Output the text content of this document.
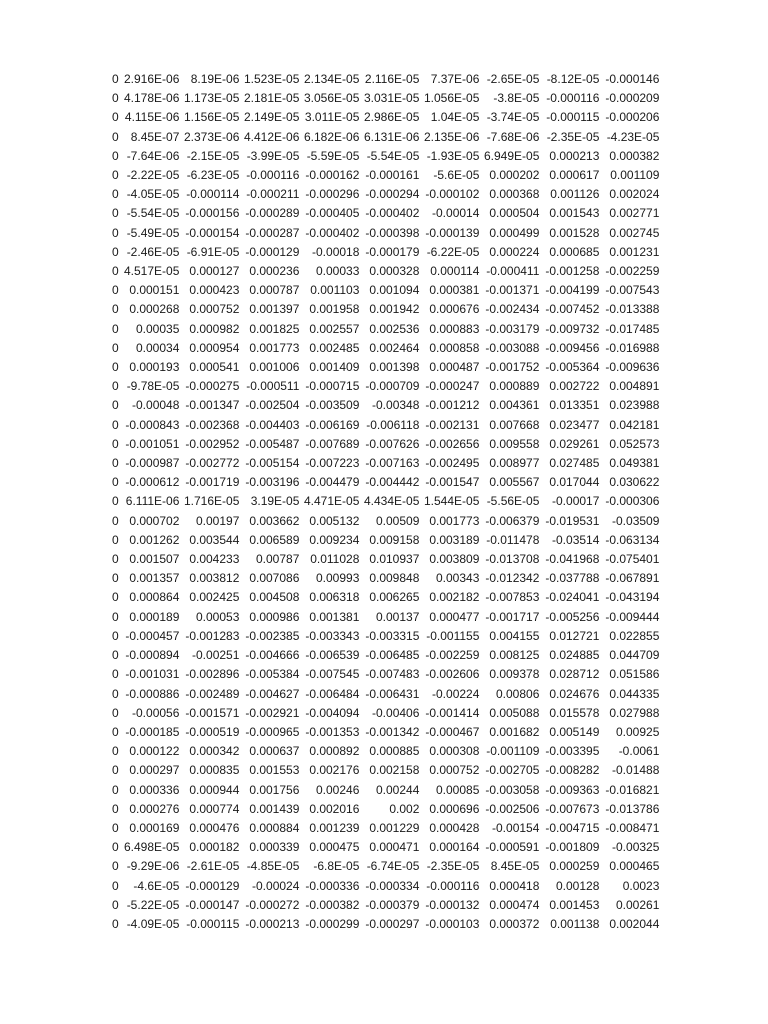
0	2.916E-06	8.19E-06	1.523E-05	2.134E-05	2.116E-05	7.37E-06	-2.65E-05	-8.12E-05	-0.000146
0	4.178E-06	1.173E-05	2.181E-05	3.056E-05	3.031E-05	1.056E-05	-3.8E-05	-0.000116	-0.000209
0	4.115E-06	1.156E-05	2.149E-05	3.011E-05	2.986E-05	1.04E-05	-3.74E-05	-0.000115	-0.000206
0	8.45E-07	2.373E-06	4.412E-06	6.182E-06	6.131E-06	2.135E-06	-7.68E-06	-2.35E-05	-4.23E-05
0	-7.64E-06	-2.15E-05	-3.99E-05	-5.59E-05	-5.54E-05	-1.93E-05	6.949E-05	0.000213	0.000382
0	-2.22E-05	-6.23E-05	-0.000116	-0.000162	-0.000161	-5.6E-05	0.000202	0.000617	0.001109
0	-4.05E-05	-0.000114	-0.000211	-0.000296	-0.000294	-0.000102	0.000368	0.001126	0.002024
0	-5.54E-05	-0.000156	-0.000289	-0.000405	-0.000402	-0.00014	0.000504	0.001543	0.002771
0	-5.49E-05	-0.000154	-0.000287	-0.000402	-0.000398	-0.000139	0.000499	0.001528	0.002745
0	-2.46E-05	-6.91E-05	-0.000129	-0.00018	-0.000179	-6.22E-05	0.000224	0.000685	0.001231
0	4.517E-05	0.000127	0.000236	0.00033	0.000328	0.000114	-0.000411	-0.001258	-0.002259
0	0.000151	0.000423	0.000787	0.001103	0.001094	0.000381	-0.001371	-0.004199	-0.007543
0	0.000268	0.000752	0.001397	0.001958	0.001942	0.000676	-0.002434	-0.007452	-0.013388
0	0.00035	0.000982	0.001825	0.002557	0.002536	0.000883	-0.003179	-0.009732	-0.017485
0	0.00034	0.000954	0.001773	0.002485	0.002464	0.000858	-0.003088	-0.009456	-0.016988
0	0.000193	0.000541	0.001006	0.001409	0.001398	0.000487	-0.001752	-0.005364	-0.009636
0	-9.78E-05	-0.000275	-0.000511	-0.000715	-0.000709	-0.000247	0.000889	0.002722	0.004891
0	-0.00048	-0.001347	-0.002504	-0.003509	-0.00348	-0.001212	0.004361	0.013351	0.023988
0	-0.000843	-0.002368	-0.004403	-0.006169	-0.006118	-0.002131	0.007668	0.023477	0.042181
0	-0.001051	-0.002952	-0.005487	-0.007689	-0.007626	-0.002656	0.009558	0.029261	0.052573
0	-0.000987	-0.002772	-0.005154	-0.007223	-0.007163	-0.002495	0.008977	0.027485	0.049381
0	-0.000612	-0.001719	-0.003196	-0.004479	-0.004442	-0.001547	0.005567	0.017044	0.030622
0	6.111E-06	1.716E-05	3.19E-05	4.471E-05	4.434E-05	1.544E-05	-5.56E-05	-0.00017	-0.000306
0	0.000702	0.00197	0.003662	0.005132	0.00509	0.001773	-0.006379	-0.019531	-0.03509
0	0.001262	0.003544	0.006589	0.009234	0.009158	0.003189	-0.011478	-0.03514	-0.063134
0	0.001507	0.004233	0.00787	0.011028	0.010937	0.003809	-0.013708	-0.041968	-0.075401
0	0.001357	0.003812	0.007086	0.00993	0.009848	0.00343	-0.012342	-0.037788	-0.067891
0	0.000864	0.002425	0.004508	0.006318	0.006265	0.002182	-0.007853	-0.024041	-0.043194
0	0.000189	0.00053	0.000986	0.001381	0.00137	0.000477	-0.001717	-0.005256	-0.009444
0	-0.000457	-0.001283	-0.002385	-0.003343	-0.003315	-0.001155	0.004155	0.012721	0.022855
0	-0.000894	-0.00251	-0.004666	-0.006539	-0.006485	-0.002259	0.008125	0.024885	0.044709
0	-0.001031	-0.002896	-0.005384	-0.007545	-0.007483	-0.002606	0.009378	0.028712	0.051586
0	-0.000886	-0.002489	-0.004627	-0.006484	-0.006431	-0.00224	0.00806	0.024676	0.044335
0	-0.00056	-0.001571	-0.002921	-0.004094	-0.00406	-0.001414	0.005088	0.015578	0.027988
0	-0.000185	-0.000519	-0.000965	-0.001353	-0.001342	-0.000467	0.001682	0.005149	0.00925
0	0.000122	0.000342	0.000637	0.000892	0.000885	0.000308	-0.001109	-0.003395	-0.0061
0	0.000297	0.000835	0.001553	0.002176	0.002158	0.000752	-0.002705	-0.008282	-0.01488
0	0.000336	0.000944	0.001756	0.00246	0.00244	0.00085	-0.003058	-0.009363	-0.016821
0	0.000276	0.000774	0.001439	0.002016	0.002	0.000696	-0.002506	-0.007673	-0.013786
0	0.000169	0.000476	0.000884	0.001239	0.001229	0.000428	-0.00154	-0.004715	-0.008471
0	6.498E-05	0.000182	0.000339	0.000475	0.000471	0.000164	-0.000591	-0.001809	-0.00325
0	-9.29E-06	-2.61E-05	-4.85E-05	-6.8E-05	-6.74E-05	-2.35E-05	8.45E-05	0.000259	0.000465
0	-4.6E-05	-0.000129	-0.00024	-0.000336	-0.000334	-0.000116	0.000418	0.00128	0.0023
0	-5.22E-05	-0.000147	-0.000272	-0.000382	-0.000379	-0.000132	0.000474	0.001453	0.00261
0	-4.09E-05	-0.000115	-0.000213	-0.000299	-0.000297	-0.000103	0.000372	0.001138	0.002044
